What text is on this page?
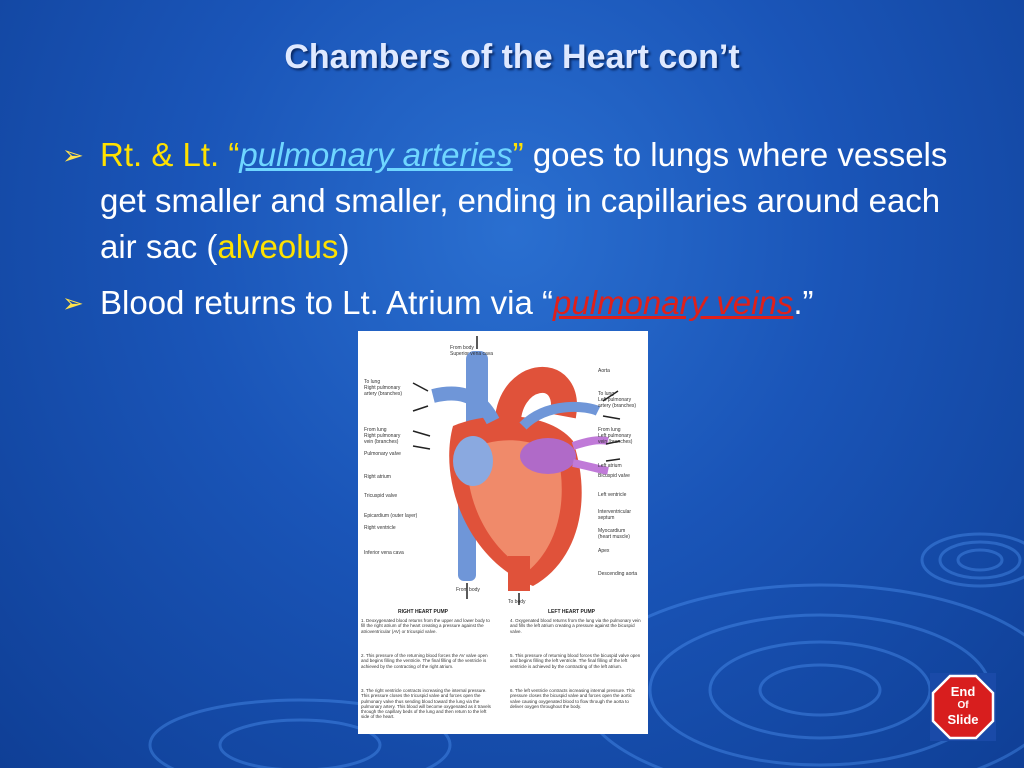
Chambers of the Heart con’t
➢ Rt. & Lt. “pulmonary arteries” goes to lungs where vessels get smaller and smaller, ending in capillaries around each air sac (alveolus)
➢ Blood returns to Lt. Atrium via “pulmonary veins.”
From body
Superior vena cava
To lung
Right pulmonary
artery (branches)
From lung
Right pulmonary
vein (branches)
Pulmonary valve
Right atrium
Tricuspid valve
Epicardium (outer layer)
Right ventricle
Inferior vena cava
Aorta
To lung
Left pulmonary
artery (branches)
From lung
Left pulmonary
vein (branches)
Left atrium
Bicuspid valve
Left ventricle
Interventricular
septum
Myocardium
(heart muscle)
Apex
Descending aorta
From body
To body
RIGHT HEART PUMP	LEFT HEART PUMP
1. Deoxygenated blood returns from the upper and lower body to fill the right atrium of the heart creating a pressure against the atrioventricular (AV) or tricuspid valve.
2. This pressure of the returning blood forces the AV valve open and begins filling the ventricle. The final filling of the ventricle is achieved by the contracting of the right atrium.
3. The right ventricle contracts increasing the internal pressure. This pressure closes the tricuspid valve and forces open the pulmonary valve thus sending blood toward the lung via the pulmonary artery. This blood will become oxygenated as it travels through the capillary beds of the lung and then return to the left side of the heart.
4. Oxygenated blood returns from the lung via the pulmonary vein and fills the left atrium creating a pressure against the bicuspid valve.
5. This pressure of returning blood forces the bicuspid valve open and begins filling the left ventricle. The final filling of the left ventricle is achieved by the contracting of the left atrium.
6. The left ventricle contracts increasing internal pressure. This pressure closes the bicuspid valve and forces open the aortic valve causing oxygenated blood to flow through the aorta to deliver oxygen throughout the body.
End
Of
Slide
